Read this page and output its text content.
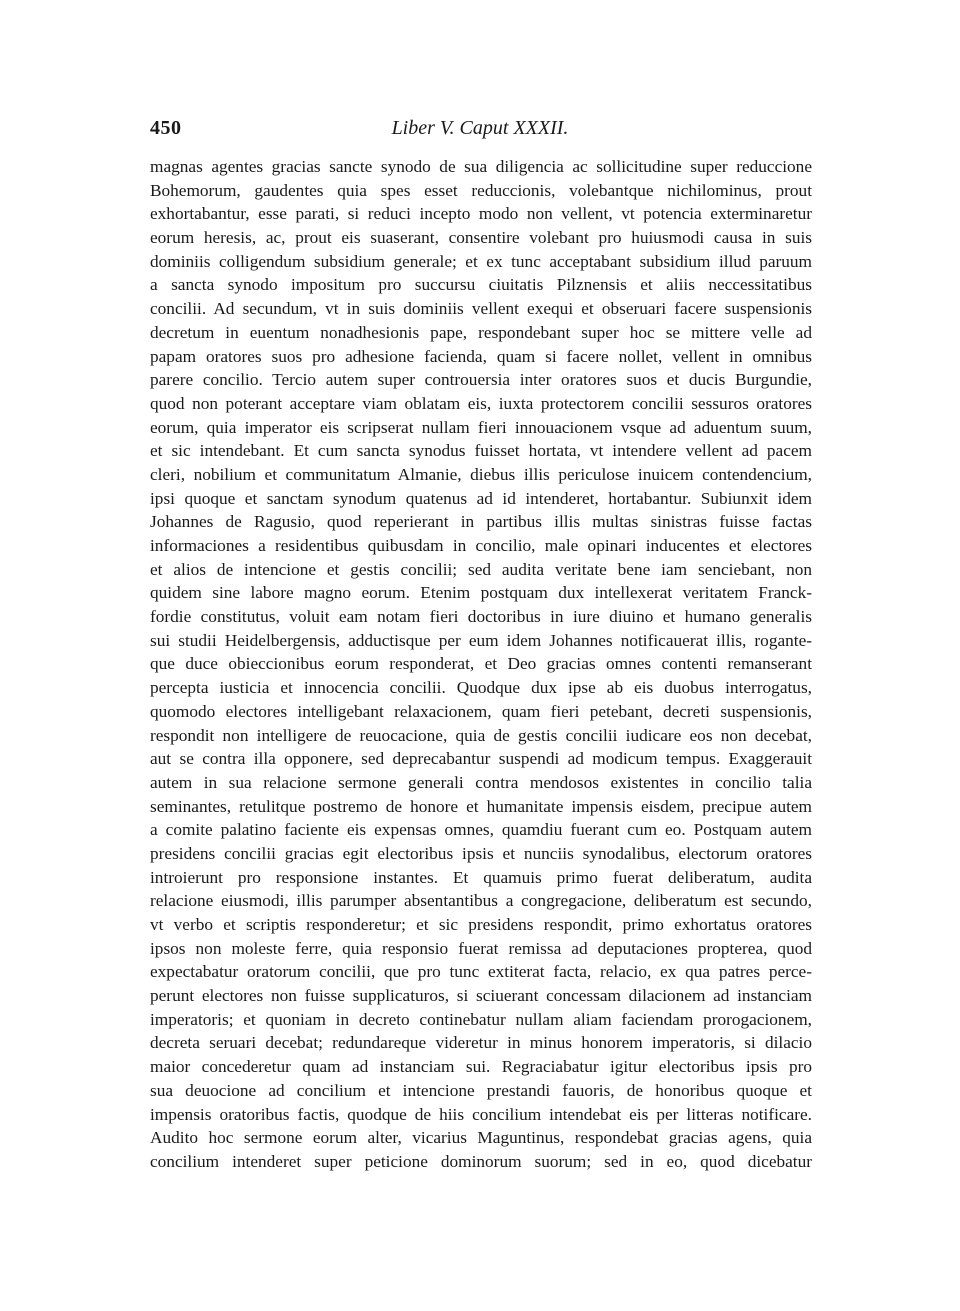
450	Liber V. Caput XXXII.
magnas agentes gracias sancte synodo de sua diligencia ac sollicitudine super reduccione
Bohemorum, gaudentes quia spes esset reduccionis, volebantque nichilominus, prout
exhortabantur, esse parati, si reduci incepto modo non vellent, vt potencia exterminaretur
eorum heresis, ac, prout eis suaserant, consentire volebant pro huiusmodi causa in suis
dominiis colligendum subsidium generale; et ex tunc acceptabant subsidium illud paruum
a sancta synodo impositum pro succursu ciuitatis Pilznensis et aliis neccessitatibus
concilii. Ad secundum, vt in suis dominiis vellent exequi et obseruari facere suspensionis
decretum in euentum nonadhesionis pape, respondebant super hoc se mittere velle ad
papam oratores suos pro adhesione facienda, quam si facere nollet, vellent in omnibus
parere concilio. Tercio autem super controuersia inter oratores suos et ducis Burgundie,
quod non poterant acceptare viam oblatam eis, iuxta protectorem concilii sessuros oratores
eorum, quia imperator eis scripserat nullam fieri innouacionem vsque ad aduentum suum,
et sic intendebant. Et cum sancta synodus fuisset hortata, vt intendere vellent ad pacem
cleri, nobilium et communitatum Almanie, diebus illis periculose inuicem contendencium,
ipsi quoque et sanctam synodum quatenus ad id intenderet, hortabantur. Subiunxit idem
Johannes de Ragusio, quod reperierant in partibus illis multas sinistras fuisse factas
informaciones a residentibus quibusdam in concilio, male opinari inducentes et electores
et alios de intencione et gestis concilii; sed audita veritate bene iam senciebant, non
quidem sine labore magno eorum. Etenim postquam dux intellexerat veritatem Franck-
fordie constitutus, voluit eam notam fieri doctoribus in iure diuino et humano generalis
sui studii Heidelbergensis, adductisque per eum idem Johannes notificauerat illis, rogante-
que duce obieccionibus eorum responderat, et Deo gracias omnes contenti remanserant
percepta iusticia et innocencia concilii. Quodque dux ipse ab eis duobus interrogatus,
quomodo electores intelligebant relaxacionem, quam fieri petebant, decreti suspensionis,
respondit non intelligere de reuocacione, quia de gestis concilii iudicare eos non decebat,
aut se contra illa opponere, sed deprecabantur suspendi ad modicum tempus. Exaggerauit
autem in sua relacione sermone generali contra mendosos existentes in concilio talia
seminantes, retulitque postremo de honore et humanitate impensis eisdem, precipue autem
a comite palatino faciente eis expensas omnes, quamdiu fuerant cum eo. Postquam autem
presidens concilii gracias egit electoribus ipsis et nunciis synodalibus, electorum oratores
introierunt pro responsione instantes. Et quamuis primo fuerat deliberatum, audita
relacione eiusmodi, illis parumper absentantibus a congregacione, deliberatum est secundo,
vt verbo et scriptis responderetur; et sic presidens respondit, primo exhortatus oratores
ipsos non moleste ferre, quia responsio fuerat remissa ad deputaciones propterea, quod
expectabatur oratorum concilii, que pro tunc extiterat facta, relacio, ex qua patres perce-
perunt electores non fuisse supplicaturos, si sciuerant concessam dilacionem ad instanciam
imperatoris; et quoniam in decreto continebatur nullam aliam faciendam prorogacionem,
decreta seruari decebat; redundareque videretur in minus honorem imperatoris, si dilacio
maior concederetur quam ad instanciam sui. Regraciabatur igitur electoribus ipsis pro
sua deuocione ad concilium et intencione prestandi fauoris, de honoribus quoque et
impensis oratoribus factis, quodque de hiis concilium intendebat eis per litteras notificare.
Audito hoc sermone eorum alter, vicarius Maguntinus, respondebat gracias agens, quia
concilium intenderet super peticione dominorum suorum; sed in eo, quod dicebatur
